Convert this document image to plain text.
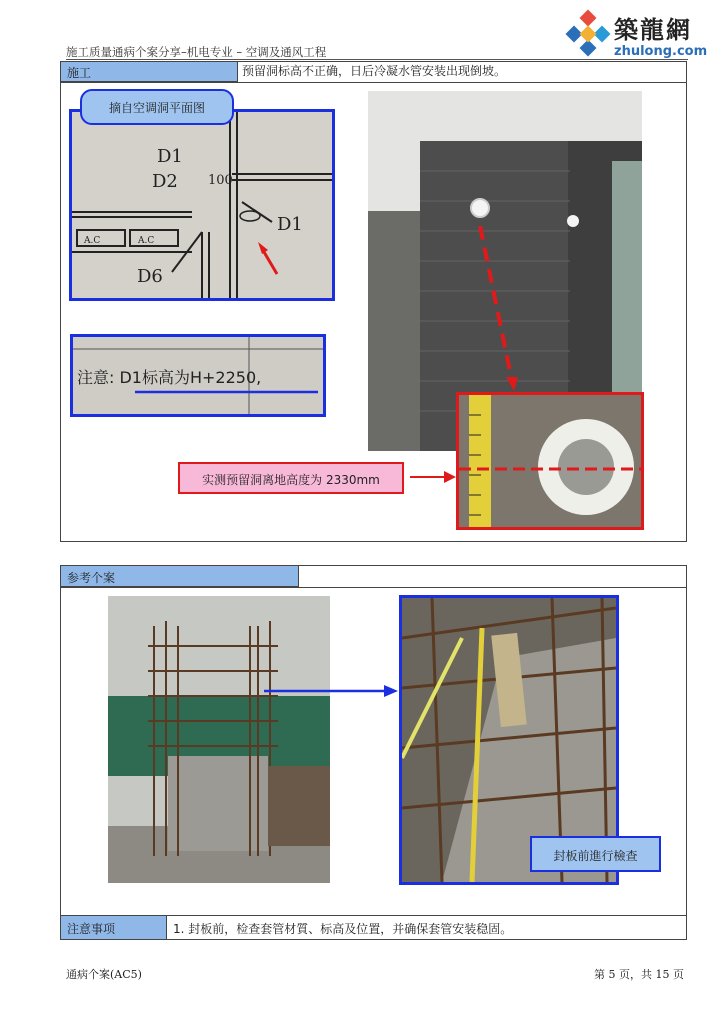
施工质量通病个案分享–机电专业 – 空调及通风工程
築龍網
zhulong.com
施工	预留洞标高不正确，日后冷凝水管安装出现倒坡。
D1
D2
D1
D6
100
A.C	A.C
摘自空调洞平面图
注意: D1标高为H+2250,
实测预留洞离地高度为 2330mm
参考个案
封板前進行檢查
注意事项	1. 封板前，检查套管材質、标高及位置，并确保套管安装稳固。
通病个案(AC5)	第 5 页，共 15 页
